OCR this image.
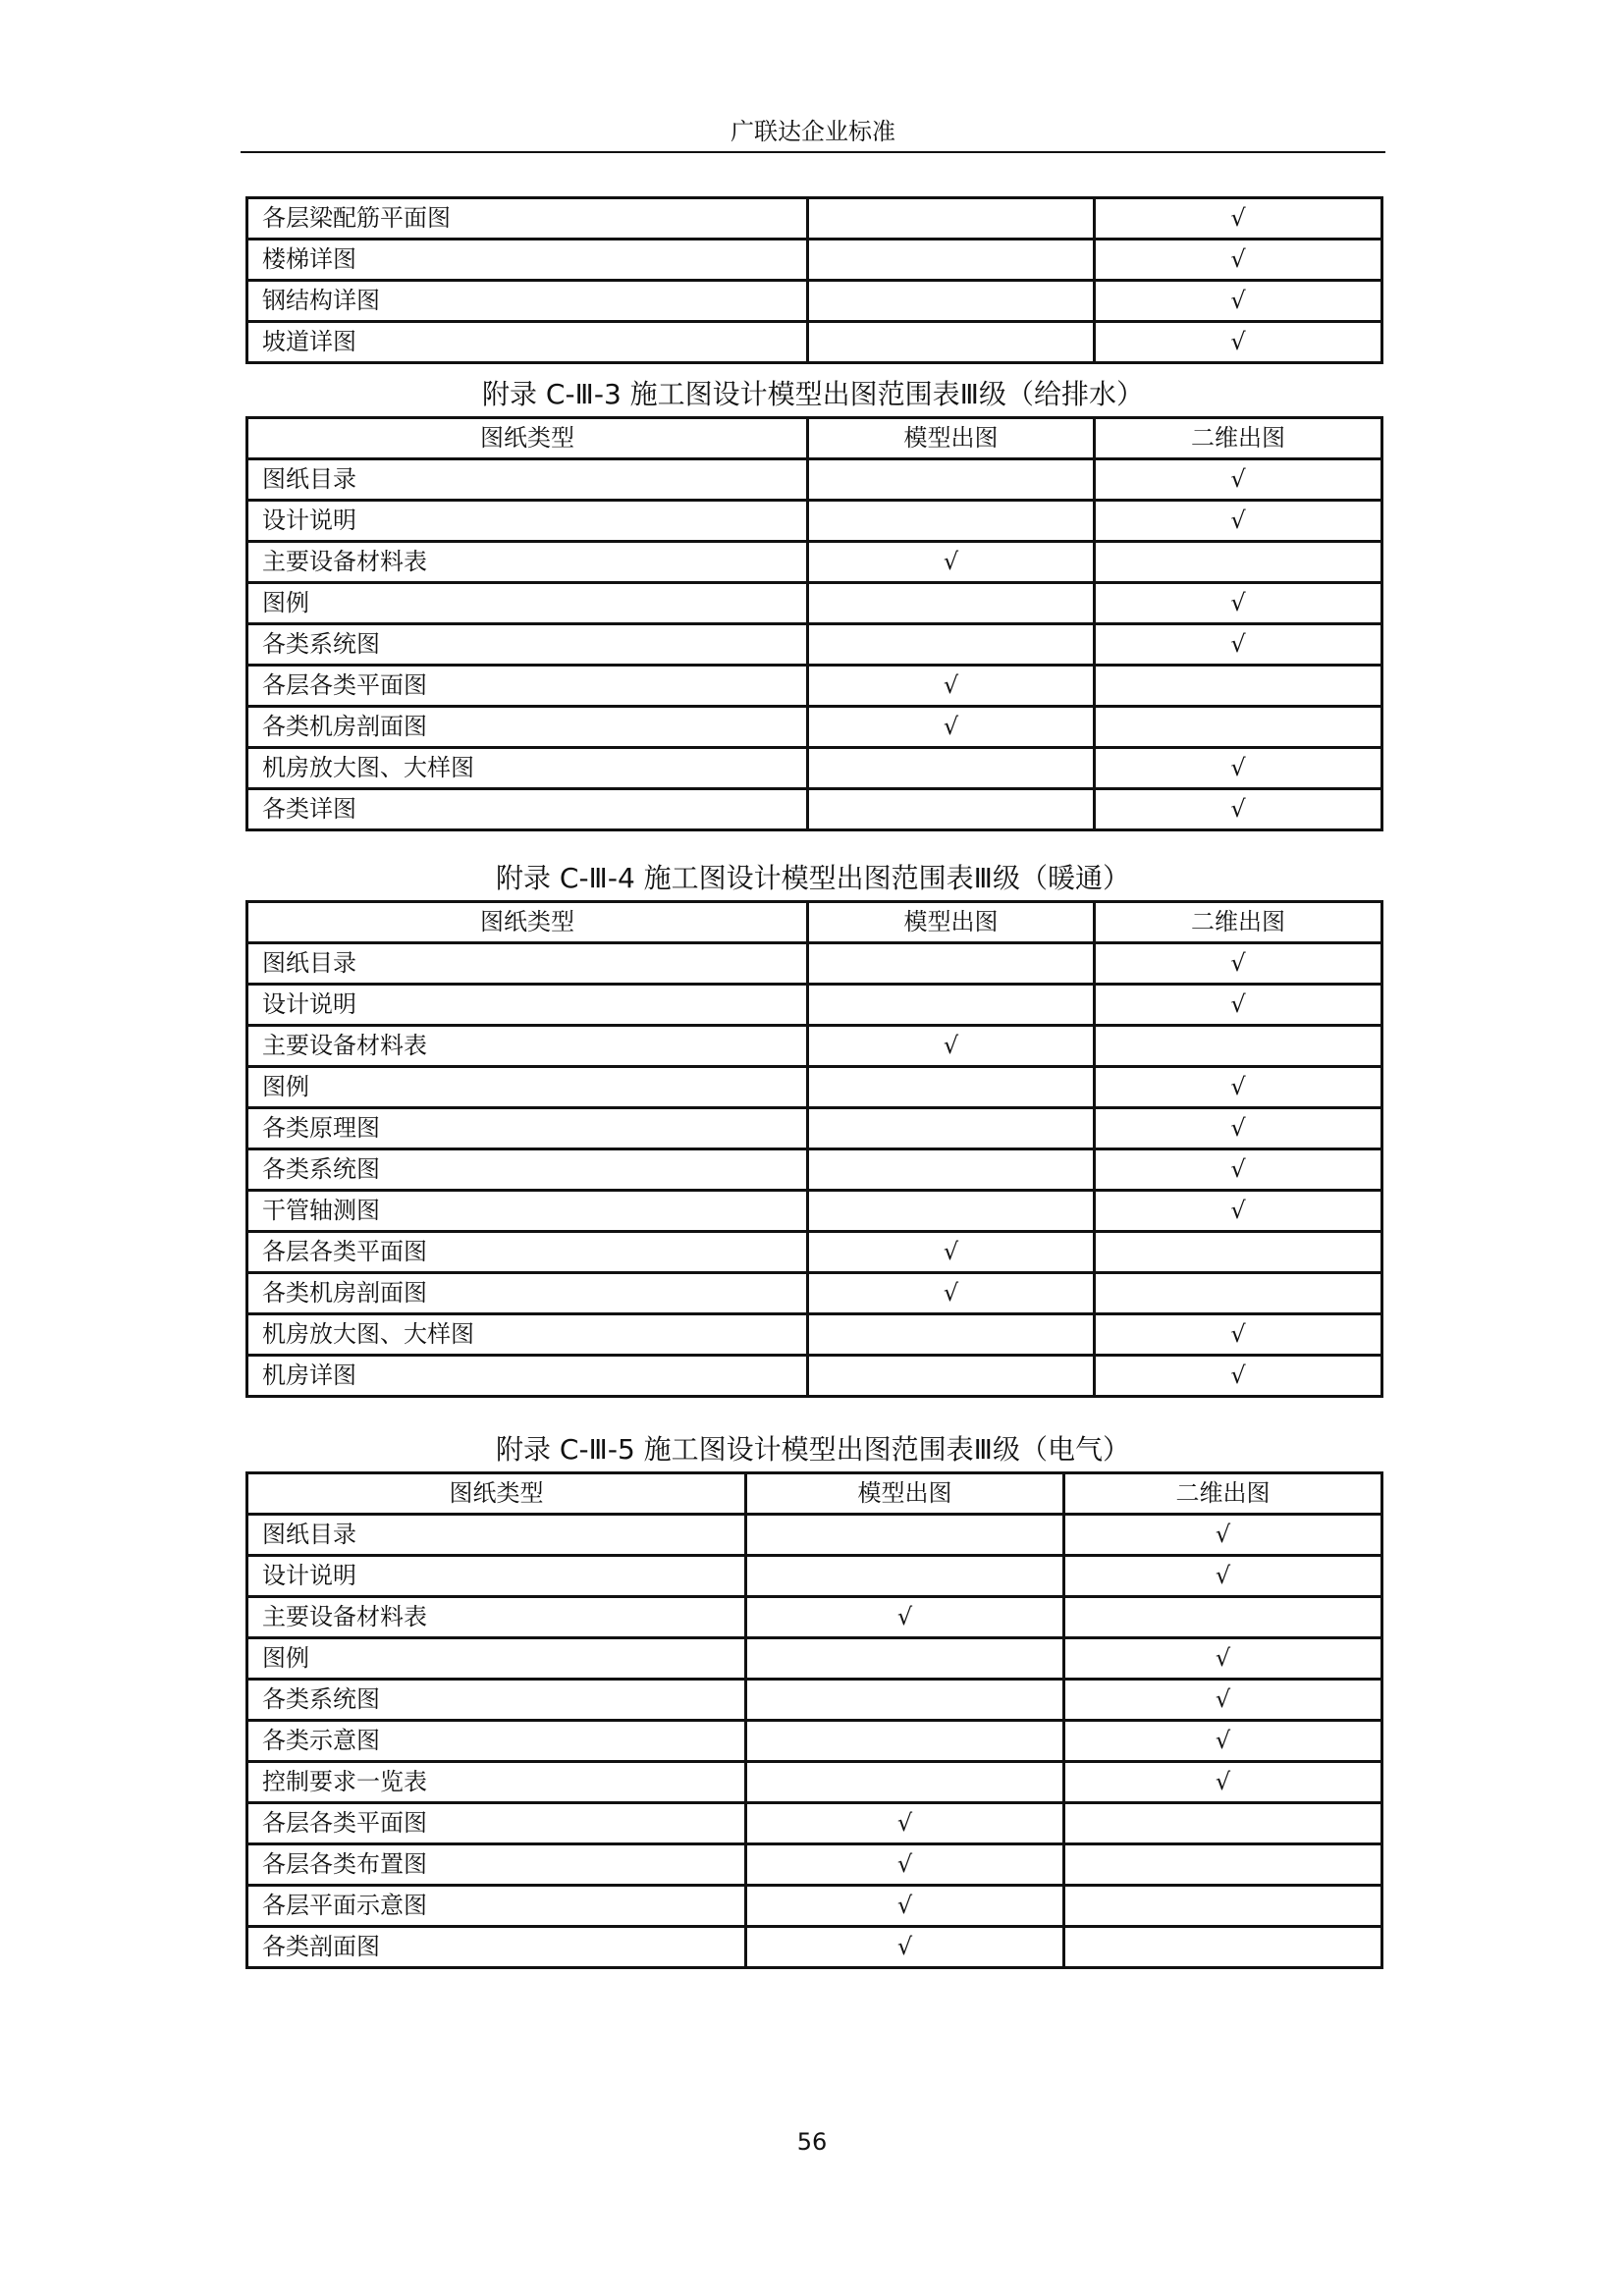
广联达企业标准
各层梁配筋平面图		√
楼梯详图		√
钢结构详图		√
坡道详图		√
附录 C-Ⅲ-3 施工图设计模型出图范围表Ⅲ级（给排水）
图纸类型	模型出图	二维出图
图纸目录		√
设计说明		√
主要设备材料表	√	
图例		√
各类系统图		√
各层各类平面图	√	
各类机房剖面图	√	
机房放大图、大样图		√
各类详图		√
附录 C-Ⅲ-4 施工图设计模型出图范围表Ⅲ级（暖通）
图纸类型	模型出图	二维出图
图纸目录		√
设计说明		√
主要设备材料表	√	
图例		√
各类原理图		√
各类系统图		√
干管轴测图		√
各层各类平面图	√	
各类机房剖面图	√	
机房放大图、大样图		√
机房详图		√
附录 C-Ⅲ-5 施工图设计模型出图范围表Ⅲ级（电气）
图纸类型	模型出图	二维出图
图纸目录		√
设计说明		√
主要设备材料表	√	
图例		√
各类系统图		√
各类示意图		√
控制要求一览表		√
各层各类平面图	√	
各层各类布置图	√	
各层平面示意图	√	
各类剖面图	√	
56
